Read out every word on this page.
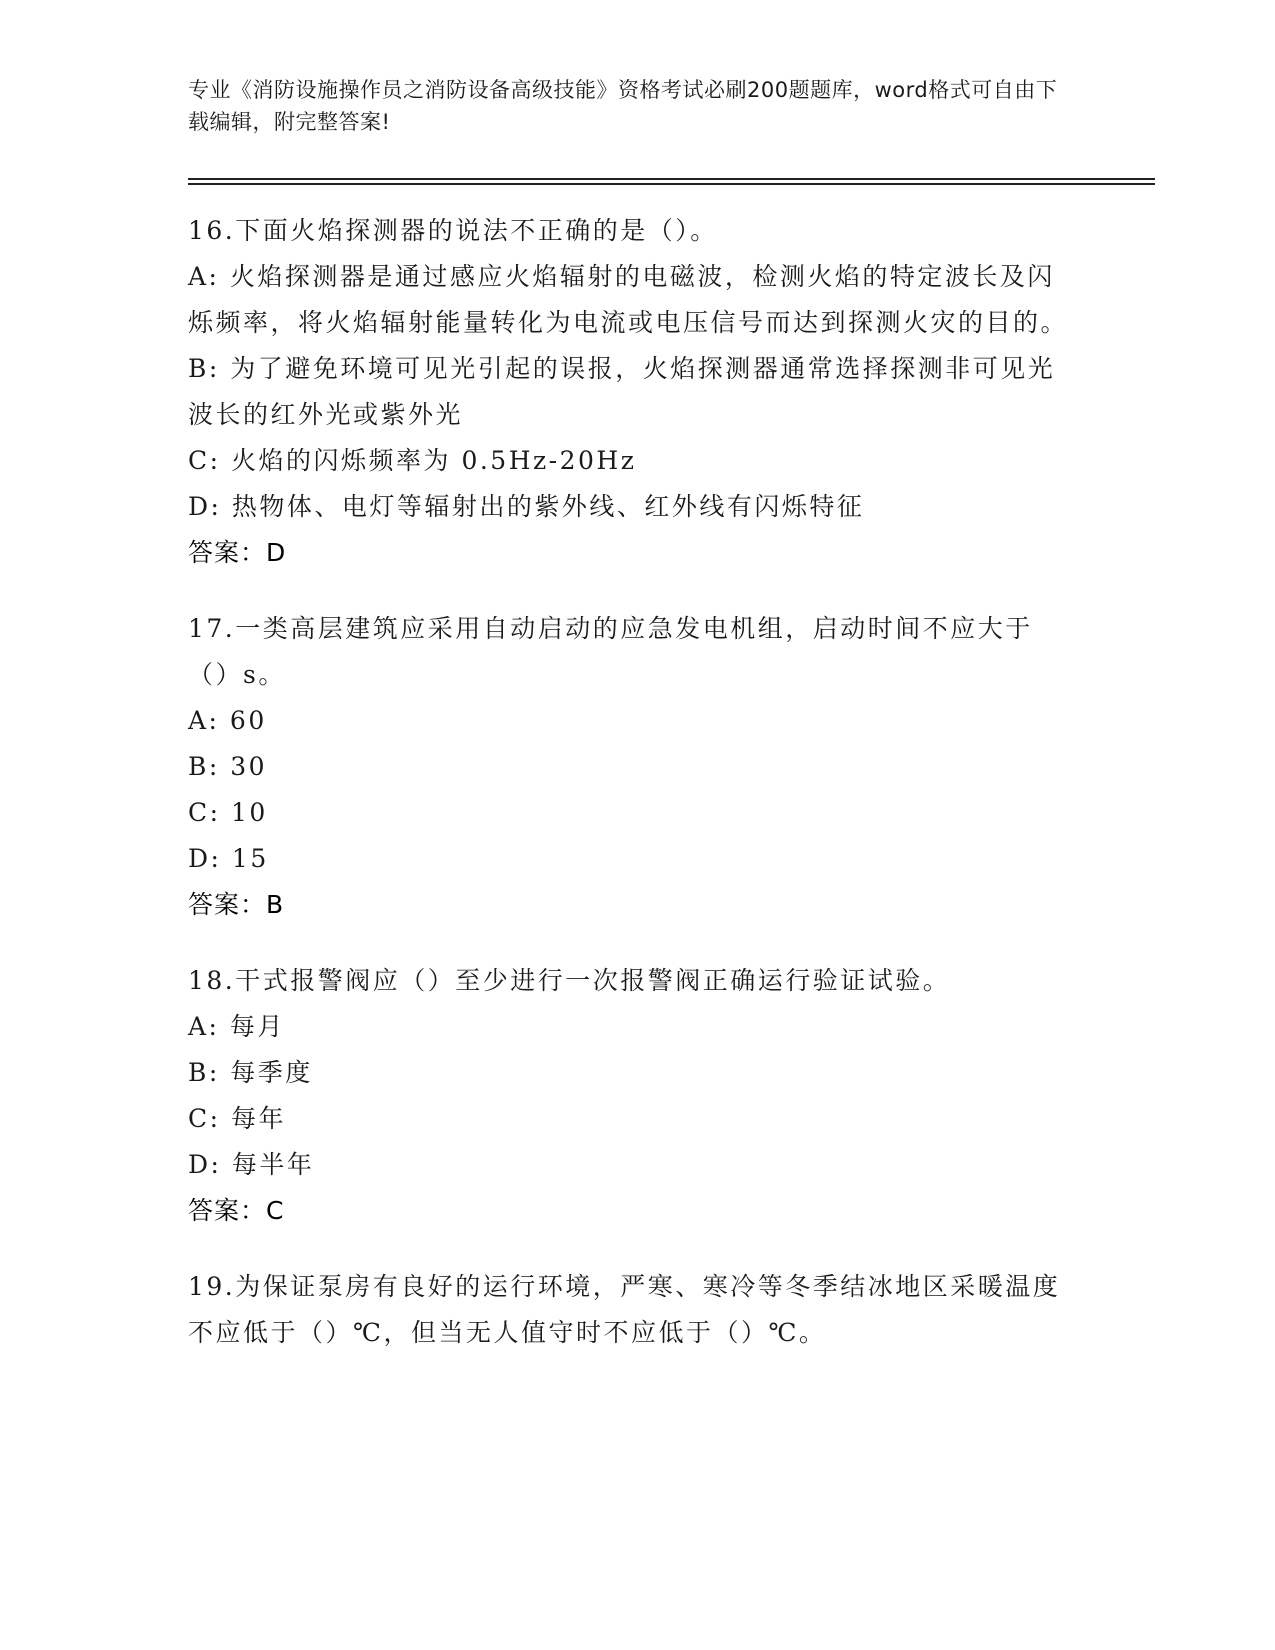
专业《消防设施操作员之消防设备高级技能》资格考试必刷200题题库，word格式可自由下载编辑，附完整答案!

16.下面火焰探测器的说法不正确的是（）。

A: 火焰探测器是通过感应火焰辐射的电磁波，检测火焰的特定波长及闪烁频率，将火焰辐射能量转化为电流或电压信号而达到探测火灾的目的。

B: 为了避免环境可见光引起的误报，火焰探测器通常选择探测非可见光波长的红外光或紫外光

C: 火焰的闪烁频率为 0.5Hz-20Hz

D: 热物体、电灯等辐射出的紫外线、红外线有闪烁特征

答案：D

17.一类高层建筑应采用自动启动的应急发电机组，启动时间不应大于（）s。

A: 60

B: 30

C: 10

D: 15

答案：B

18.干式报警阀应（）至少进行一次报警阀正确运行验证试验。

A: 每月

B: 每季度

C: 每年

D: 每半年

答案：C

19.为保证泵房有良好的运行环境，严寒、寒冷等冬季结冰地区采暖温度不应低于（）℃，但当无人值守时不应低于（）℃。
